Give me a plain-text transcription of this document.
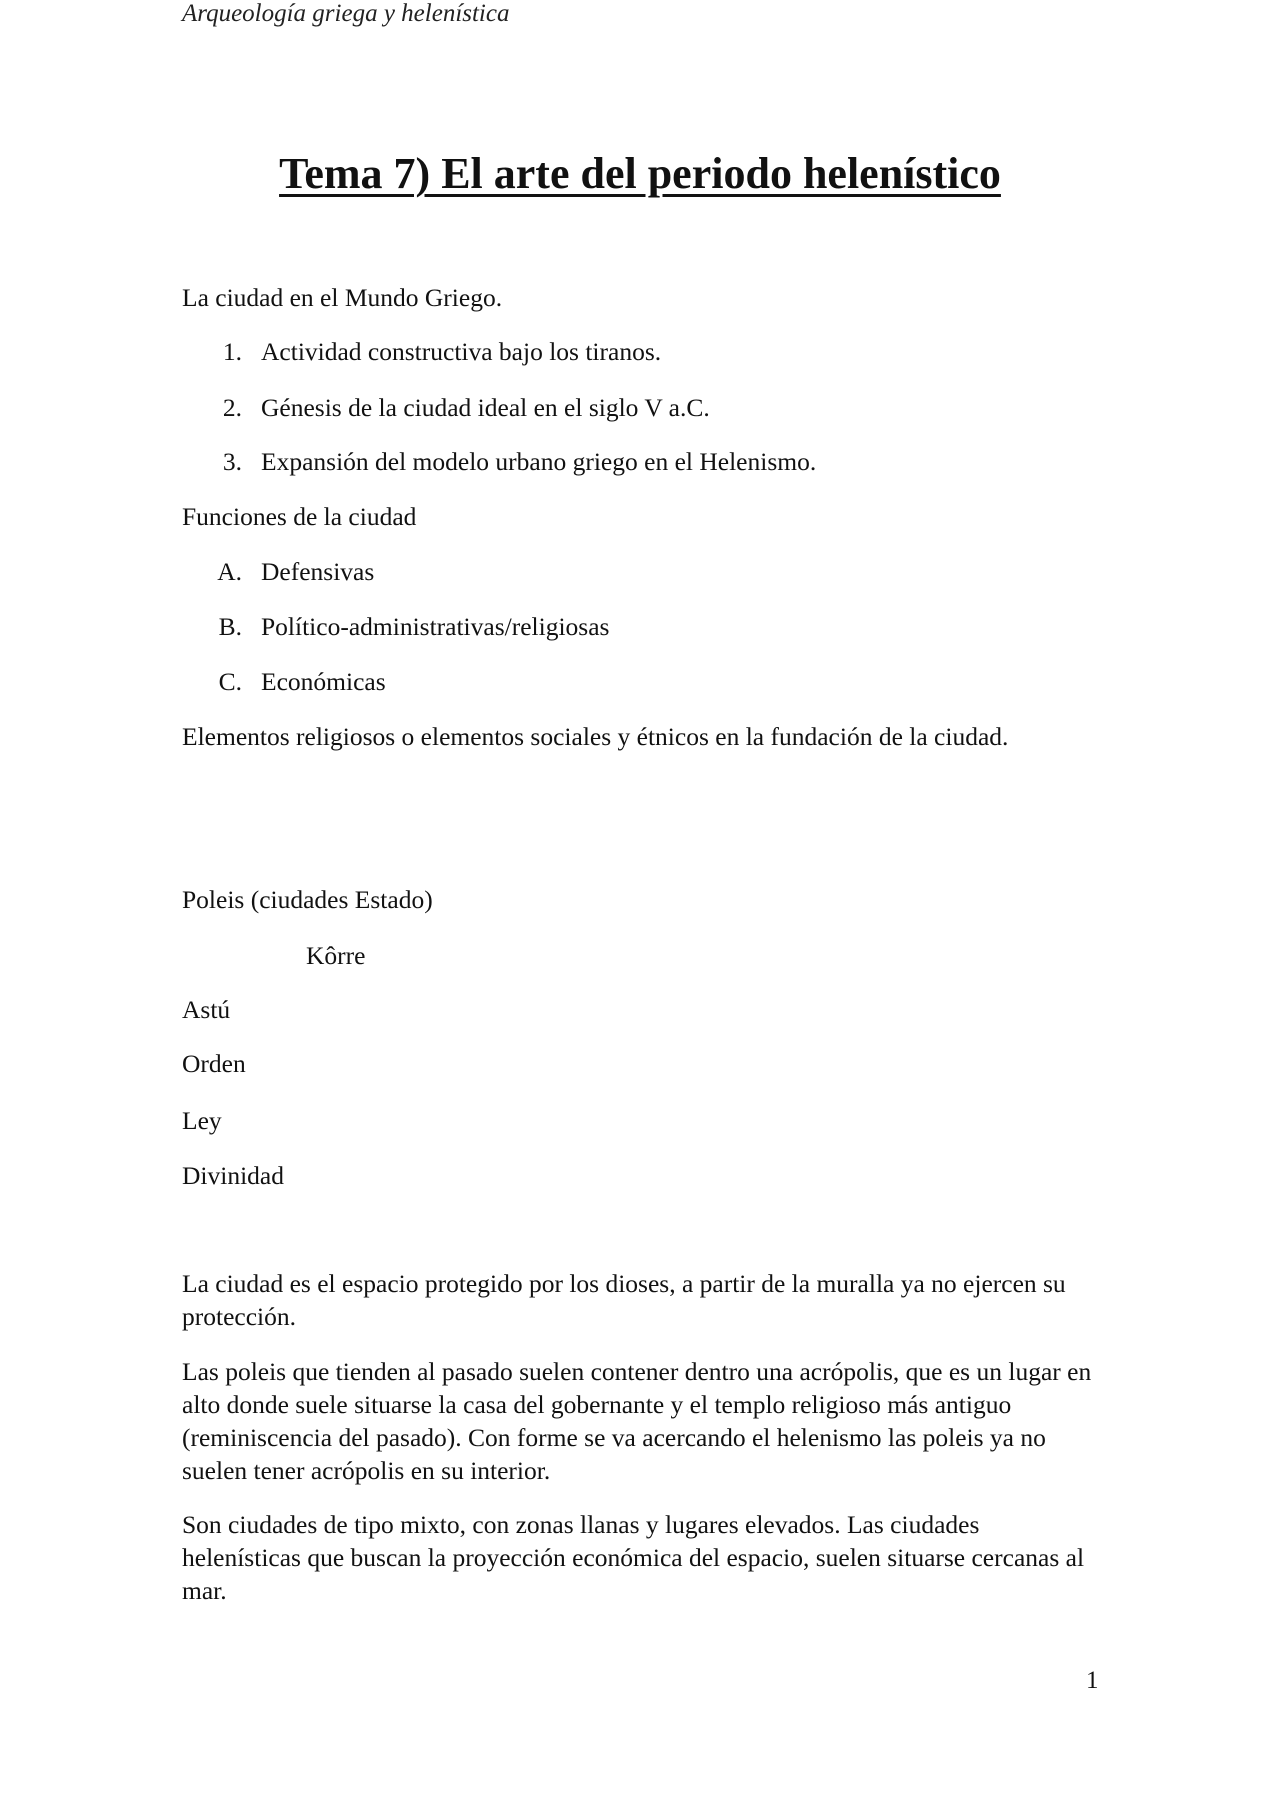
Arqueología griega y helenística
Tema 7) El arte del periodo helenístico

La ciudad en el Mundo Griego.

1. Actividad constructiva bajo los tiranos.
2. Génesis de la ciudad ideal en el siglo V a.C.
3. Expansión del modelo urbano griego en el Helenismo.

Funciones de la ciudad

A. Defensivas
B. Político-administrativas/religiosas
C. Económicas

Elementos religiosos o elementos sociales y étnicos en la fundación de la ciudad.

Poleis (ciudades Estado)

Kôrre

Astú

Orden

Ley

Divinidad

La ciudad es el espacio protegido por los dioses, a partir de la muralla ya no ejercen su protección.

Las poleis que tienden al pasado suelen contener dentro una acrópolis, que es un lugar en alto donde suele situarse la casa del gobernante y el templo religioso más antiguo (reminiscencia del pasado). Con forme se va acercando el helenismo las poleis ya no suelen tener acrópolis en su interior.

Son ciudades de tipo mixto, con zonas llanas y lugares elevados. Las ciudades helenísticas que buscan la proyección económica del espacio, suelen situarse cercanas al mar.

1
